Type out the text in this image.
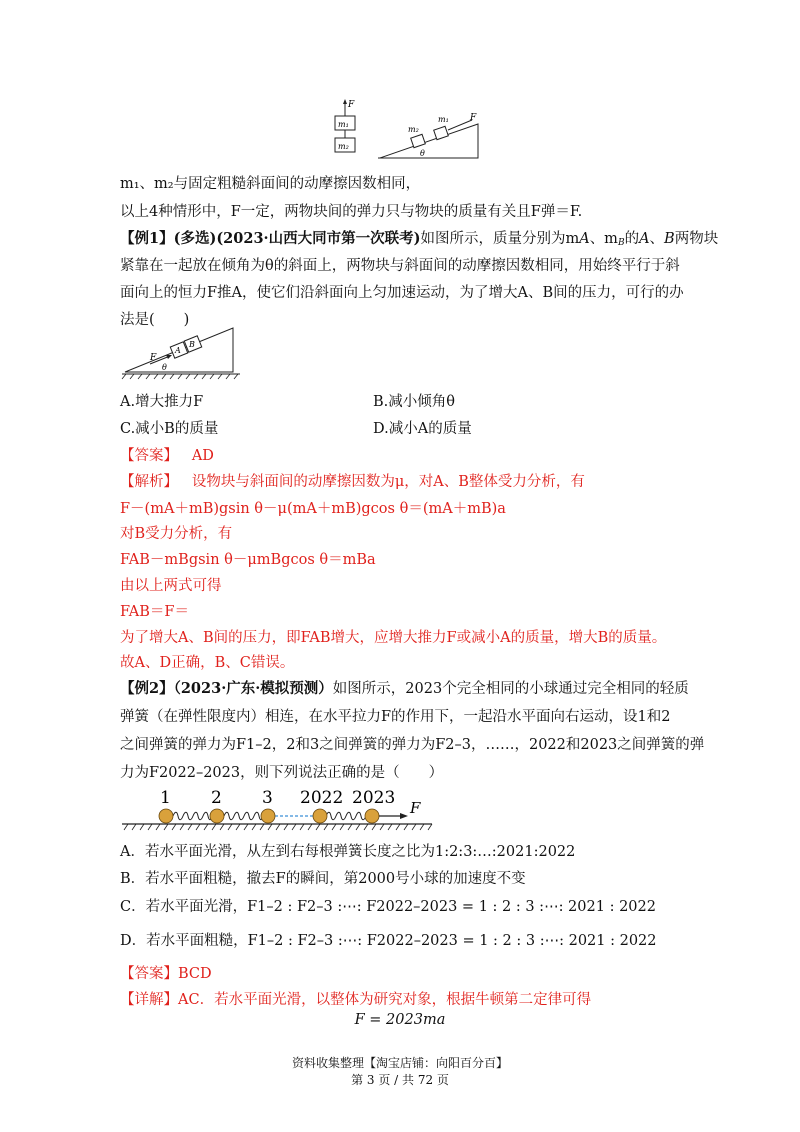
F
m₁
m₂
m₂
m₁ F
θ
m₁、m₂与固定粗糙斜面间的动摩擦因数相同，
以上4种情形中，F一定，两物块间的弹力只与物块的质量有关且F弹＝F.
【例1】(多选)(2023·山西大同市第一次联考)如图所示，质量分别为mA、$m_B$的A、B两物块
紧靠在一起放在倾角为θ的斜面上，两物块与斜面间的动摩擦因数相同，用始终平行于斜
面向上的恒力F推A，使它们沿斜面向上匀加速运动，为了增大A、B间的压力，可行的办
法是(　　)
F
A
B
θ
A.增大推力F	B.减小倾角θ
C.减小B的质量	D.减小A的质量
【答案】 AD
【解析】 设物块与斜面间的动摩擦因数为μ，对A、B整体受力分析，有
F－(mA＋mB)gsin θ－μ(mA＋mB)gcos θ＝(mA＋mB)a
对B受力分析，有
FAB－mBgsin θ－μmBgcos θ＝mBa
由以上两式可得
FAB＝F＝
为了增大A、B间的压力，即FAB增大，应增大推力F或减小A的质量，增大B的质量。
故A、D正确，B、C错误。
【例2】（2023·广东·模拟预测）如图所示，2023个完全相同的小球通过完全相同的轻质
弹簧（在弹性限度内）相连，在水平拉力F的作用下，一起沿水平面向右运动，设1和2
之间弹簧的弹力为F1–2，2和3之间弹簧的弹力为F2–3，……，2022和2023之间弹簧的弹
力为F2022–2023，则下列说法正确的是（　　）
F
1 2 3 2022 2023
A．若水平面光滑，从左到右每根弹簧长度之比为1:2:3:…:2021:2022
B．若水平面粗糙，撤去F的瞬间，第2000号小球的加速度不变
C．若水平面光滑，F1–2 : F2–3 :⋯: F2022–2023 = 1 : 2 : 3 :⋯: 2021 : 2022
D．若水平面粗糙，F1–2 : F2–3 :⋯: F2022–2023 = 1 : 2 : 3 :⋯: 2021 : 2022
【答案】BCD
【详解】AC．若水平面光滑，以整体为研究对象，根据牛顿第二定律可得
F = 2023ma
资料收集整理【淘宝店铺：向阳百分百】
第 3 页 / 共 72 页
